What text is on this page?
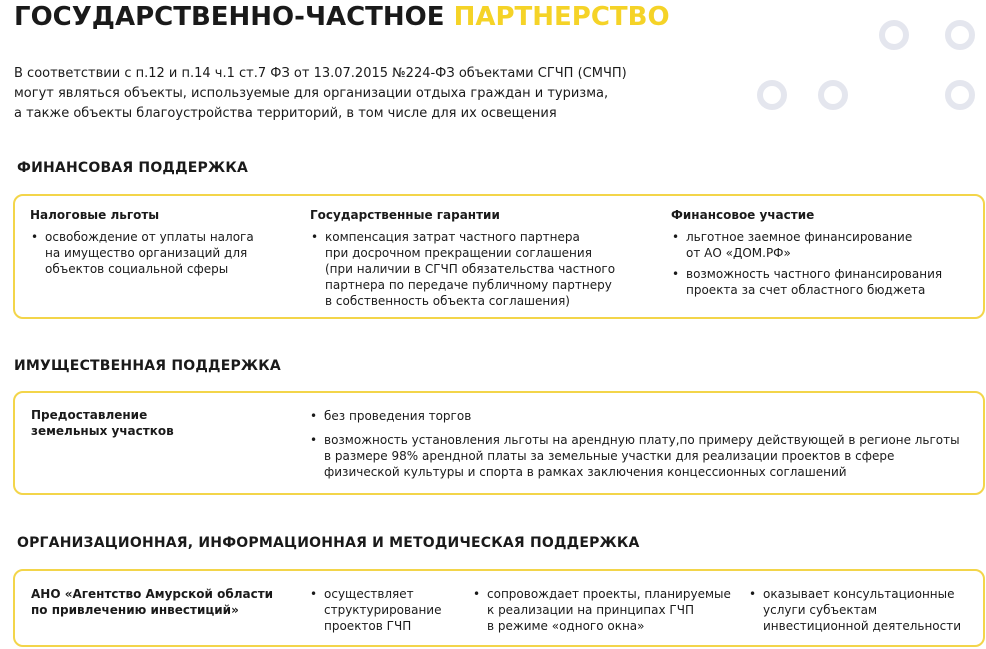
ГОСУДАРСТВЕННО-ЧАСТНОЕ ПАРТНЕРСТВО
В соответствии с п.12 и п.14 ч.1 ст.7 ФЗ от 13.07.2015 №224-ФЗ объектами СГЧП (СМЧП)
могут являться объекты, используемые для организации отдыха граждан и туризма,
а также объекты благоустройства территорий, в том числе для их освещения
ФИНАНСОВАЯ ПОДДЕРЖКА
Налоговые льготы
• освобождение от уплаты налога
на имущество организаций для
объектов социальной сферы
Государственные гарантии
• компенсация затрат частного партнера
при досрочном прекращении соглашения
(при наличии в СГЧП обязательства частного
партнера по передаче публичному партнеру
в собственность объекта соглашения)
Финансовое участие
• льготное заемное финансирование
от АО «ДОМ.РФ»
• возможность частного финансирования
проекта за счет областного бюджета
ИМУЩЕСТВЕННАЯ ПОДДЕРЖКА
Предоставление
земельных участков
• без проведения торгов
• возможность установления льготы на арендную плату,по примеру действующей в регионе льготы
в размере 98% арендной платы за земельные участки для реализации проектов в сфере
физической культуры и спорта в рамках заключения концессионных соглашений
ОРГАНИЗАЦИОННАЯ, ИНФОРМАЦИОННАЯ И МЕТОДИЧЕСКАЯ ПОДДЕРЖКА
АНО «Агентство Амурской области
по привлечению инвестиций»
• осуществляет
структурирование
проектов ГЧП
• сопровождает проекты, планируемые
к реализации на принципах ГЧП
в режиме «одного окна»
• оказывает консультационные
услуги субъектам
инвестиционной деятельности
